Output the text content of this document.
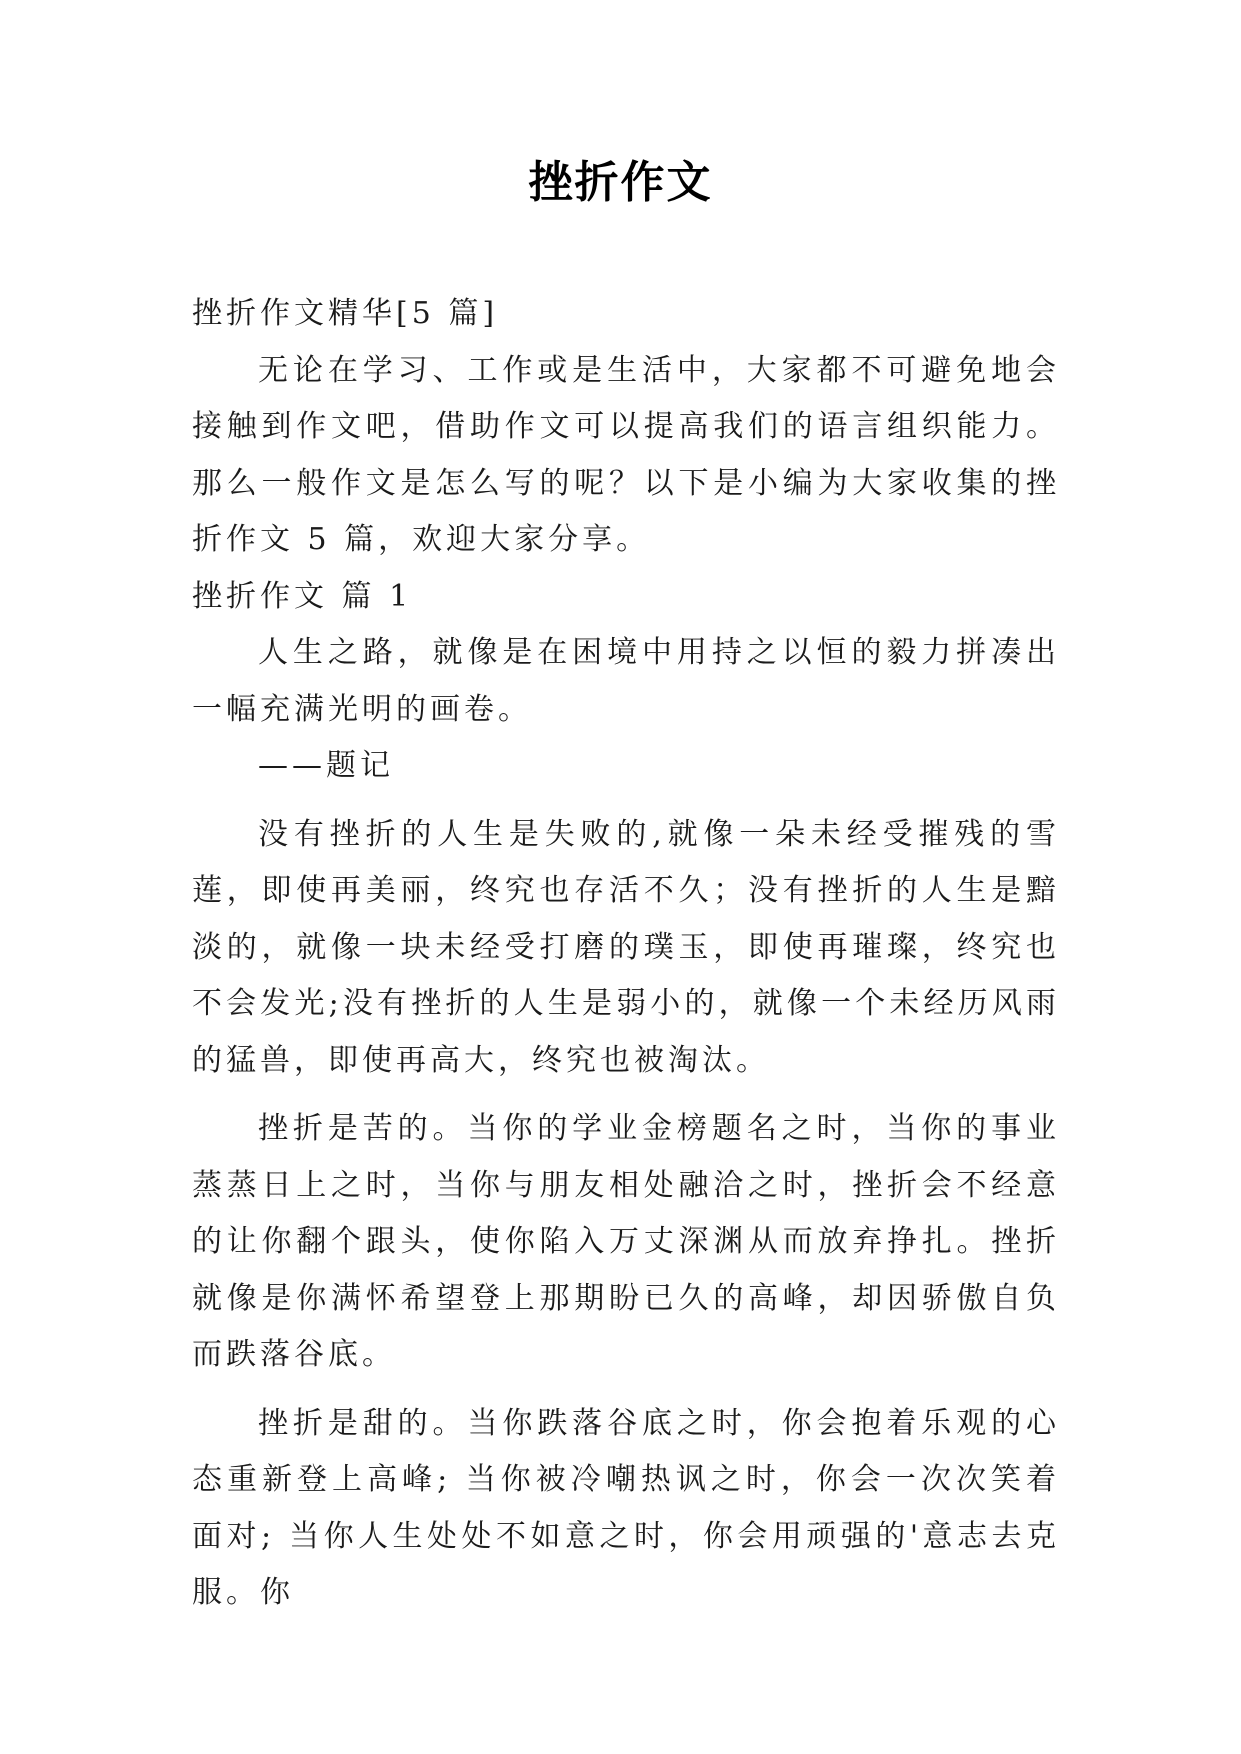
挫折作文

挫折作文精华[5 篇]

无论在学习、工作或是生活中，大家都不可避免地会接触到作文吧，借助作文可以提高我们的语言组织能力。那么一般作文是怎么写的呢？以下是小编为大家收集的挫折作文 5 篇，欢迎大家分享。

挫折作文 篇 1

人生之路，就像是在困境中用持之以恒的毅力拼凑出一幅充满光明的画卷。

——题记

没有挫折的人生是失败的,就像一朵未经受摧残的雪莲，即使再美丽，终究也存活不久；没有挫折的人生是黯淡的，就像一块未经受打磨的璞玉，即使再璀璨，终究也不会发光;没有挫折的人生是弱小的，就像一个未经历风雨的猛兽，即使再高大，终究也被淘汰。

挫折是苦的。当你的学业金榜题名之时，当你的事业蒸蒸日上之时，当你与朋友相处融洽之时，挫折会不经意的让你翻个跟头，使你陷入万丈深渊从而放弃挣扎。挫折就像是你满怀希望登上那期盼已久的高峰，却因骄傲自负而跌落谷底。

挫折是甜的。当你跌落谷底之时，你会抱着乐观的心态重新登上高峰; 当你被冷嘲热讽之时，你会一次次笑着面对; 当你人生处处不如意之时，你会用顽强的'意志去克服。你
